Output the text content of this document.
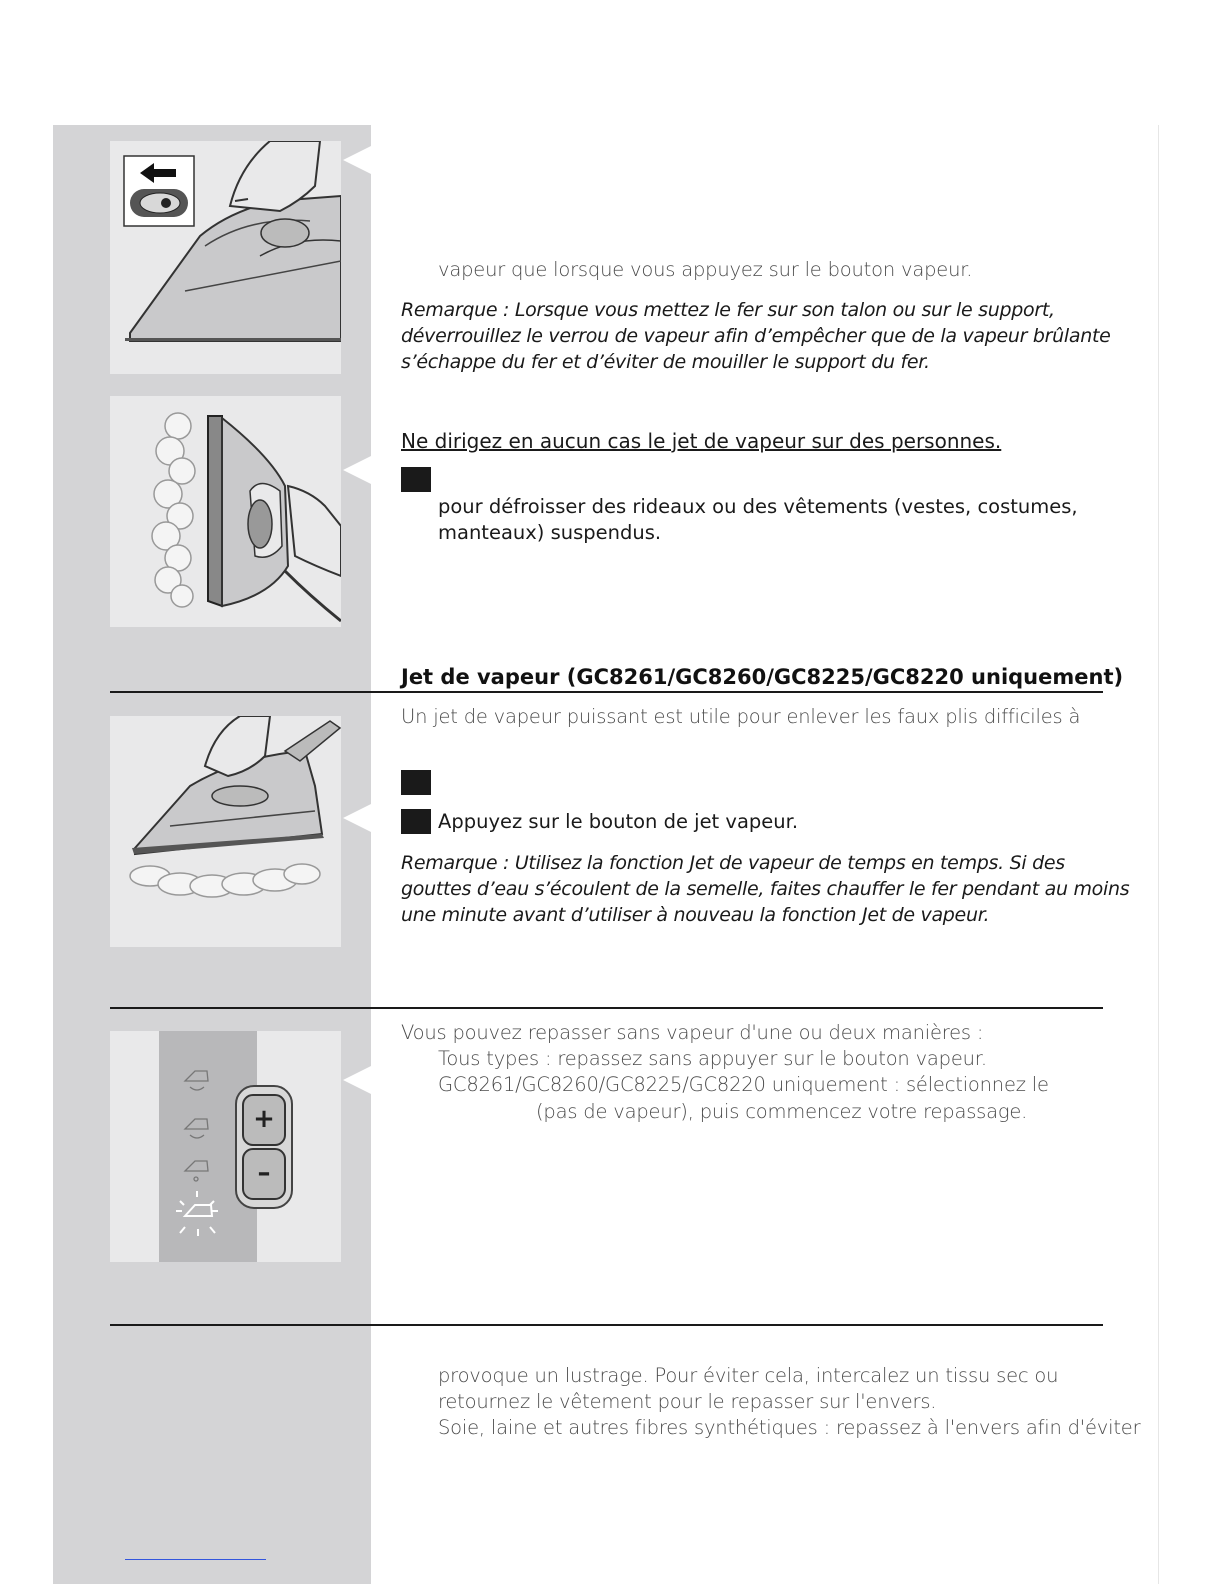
vapeur que lorsque vous appuyez sur le bouton vapeur.
Remarque : Lorsque vous mettez le fer sur son talon ou sur le support,
déverrouillez le verrou de vapeur afin d’empêcher que de la vapeur brûlante
s’échappe du fer et d’éviter de mouiller le support du fer.
Ne dirigez en aucun cas le jet de vapeur sur des personnes.
pour défroisser des rideaux ou des vêtements (vestes, costumes,
manteaux) suspendus.
Jet de vapeur (GC8261/GC8260/GC8225/GC8220 uniquement)
Un jet de vapeur puissant est utile pour enlever les faux plis difficiles à
Appuyez sur le bouton de jet vapeur.
Remarque : Utilisez la fonction Jet de vapeur de temps en temps. Si des
gouttes d’eau s’écoulent de la semelle, faites chauffer le fer pendant au moins
une minute avant d’utiliser à nouveau la fonction Jet de vapeur.
+
–
Vous pouvez repasser sans vapeur d'une ou deux manières :
Tous types : repassez sans appuyer sur le bouton vapeur.
GC8261/GC8260/GC8225/GC8220 uniquement : sélectionnez le
(pas de vapeur), puis commencez votre repassage.
provoque un lustrage. Pour éviter cela, intercalez un tissu sec ou
retournez le vêtement pour le repasser sur l'envers.
Soie, laine et autres fibres synthétiques : repassez à l'envers afin d'éviter
